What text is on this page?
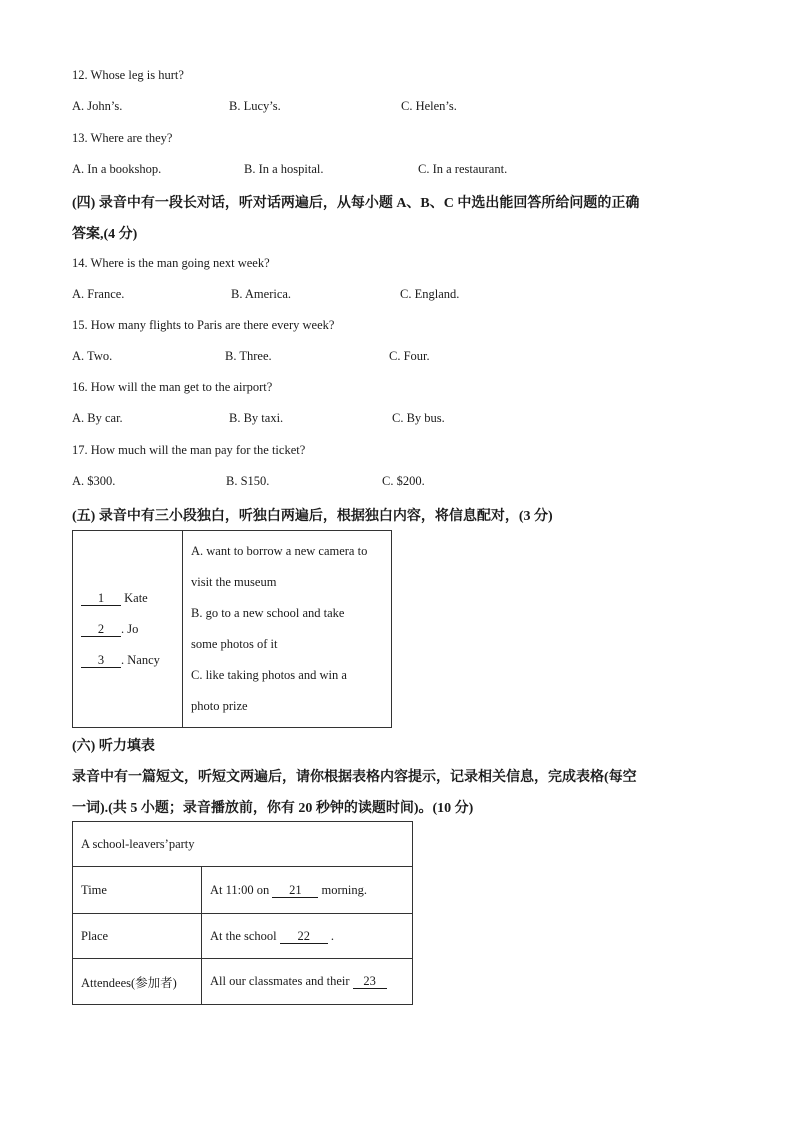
12. Whose leg is hurt?
A. John’s.	B. Lucy’s.	C. Helen’s.
13. Where are they?
A. In a bookshop.	B. In a hospital.	C. In a restaurant.
(四) 录音中有一段长对话，听对话两遍后，从每小题 A、B、C 中选出能回答所给问题的正确
答案,(4 分)
14. Where is the man going next week?
A. France.	B. America.	C. England.
15. How many flights to Paris are there every week?
A. Two.	B. Three.	C. Four.
16. How will the man get to the airport?
A. By car.	B. By taxi.	C. By bus.
17. How much will the man pay for the ticket?
A. $300.	B. S150.	C. $200.
(五) 录音中有三小段独白，听独白两遍后，根据独白内容，将信息配对，(3 分)
1 Kate
2 . Jo
3 . Nancy

A. want to borrow a new camera to
visit the museum
B. go to a new school and take
some photos of it
C. like taking photos and win a
photo prize
(六) 听力填表
录音中有一篇短文，听短文两遍后，请你根据表格内容提示，记录相关信息，完成表格(每空
一词).(共 5 小题；录音播放前，你有 20 秒钟的读题时间)。(10 分)
A school-leavers’party	
Time	At 11:00 on 21 morning.
Place	At the school 22 .
Attendees(参加者)	All our classmates and their 23
